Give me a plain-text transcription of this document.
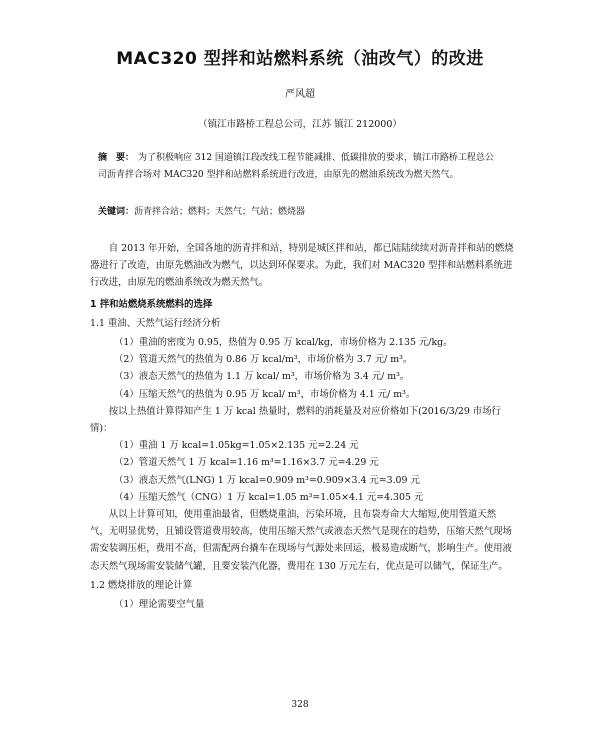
MAC320 型拌和站燃料系统（油改气）的改进
严风超
（镇江市路桥工程总公司，江苏 镇江 212000）
摘　要： 为了积极响应 312 国道镇江段改线工程节能减排、低碳排放的要求，镇江市路桥工程总公司沥青拌合场对 MAC320 型拌和站燃料系统进行改进，由原先的燃油系统改为燃天然气。
关键词：沥青拌合站；燃料；天然气；气站；燃烧器

自 2013 年开始，全国各地的沥青拌和站，特别是城区拌和站，都已陆陆续续对沥青拌和站的燃烧器进行了改造，由原先燃油改为燃气，以达到环保要求。为此，我们对 MAC320 型拌和站燃料系统进行改进，由原先的燃油系统改为燃天然气。

1 拌和站燃烧系统燃料的选择

1.1 重油、天然气运行经济分析

（1）重油的密度为 0.95，热值为 0.95 万 kcal/kg，市场价格为 2.135 元/kg。

（2）管道天然气的热值为 0.86 万 kcal/m³，市场价格为 3.7 元/ m³。

（3）液态天然气的热值为 1.1 万 kcal/ m³，市场价格为 3.4 元/ m³。

（4）压缩天然气的热值为 0.95 万 kcal/ m³，市场价格为 4.1 元/ m³。

按以上热值计算得知产生 1 万 kcal 热量时，燃料的消耗量及对应价格如下(2016/3/29 市场行情)：

（1）重油 1 万 kcal=1.05kg=1.05×2.135 元=2.24 元

（2）管道天然气 1 万 kcal=1.16 m³=1.16×3.7 元=4.29 元

（3）液态天然气(LNG) 1 万 kcal=0.909 m³=0.909×3.4 元=3.09 元

（4）压缩天然气（CNG）1 万 kcal=1.05 m³=1.05×4.1 元=4.305 元

从以上计算可知，使用重油最省，但燃烧重油，污染环境，且布袋寿命大大缩短,使用管道天然气，无明显优势，且铺设管道费用较高，使用压缩天然气或液态天然气是现在的趋势，压缩天然气现场需安装调压柜，费用不高，但需配两台撬车在现场与气源处来回运，极易造成断气，影响生产。使用液态天然气现场需安装储气罐，且要安装汽化器，费用在 130 万元左右，优点是可以储气，保证生产。

1.2 燃烧排放的理论计算

（1）理论需要空气量

328
